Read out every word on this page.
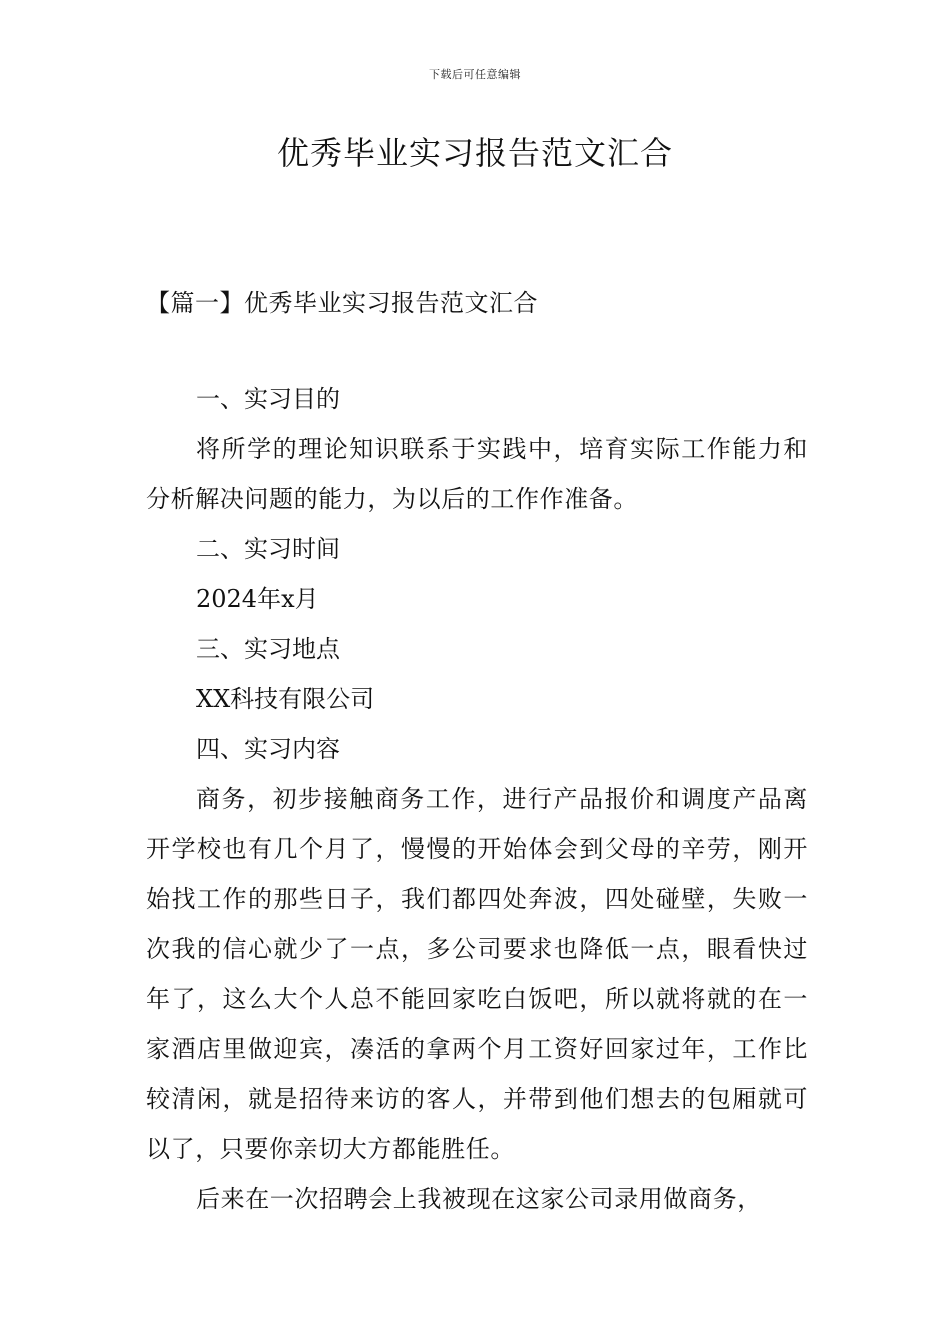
下载后可任意编辑
优秀毕业实习报告范文汇合
【篇一】优秀毕业实习报告范文汇合

一、实习目的

将所学的理论知识联系于实践中，培育实际工作能力和分析解决问题的能力，为以后的工作作准备。

二、实习时间

2024年x月

三、实习地点

XX科技有限公司

四、实习内容

商务，初步接触商务工作，进行产品报价和调度产品离开学校也有几个月了，慢慢的开始体会到父母的辛劳，刚开始找工作的那些日子，我们都四处奔波，四处碰壁，失败一次我的信心就少了一点，多公司要求也降低一点，眼看快过年了，这么大个人总不能回家吃白饭吧，所以就将就的在一家酒店里做迎宾，凑活的拿两个月工资好回家过年，工作比较清闲，就是招待来访的客人，并带到他们想去的包厢就可以了，只要你亲切大方都能胜任。

后来在一次招聘会上我被现在这家公司录用做商务，
